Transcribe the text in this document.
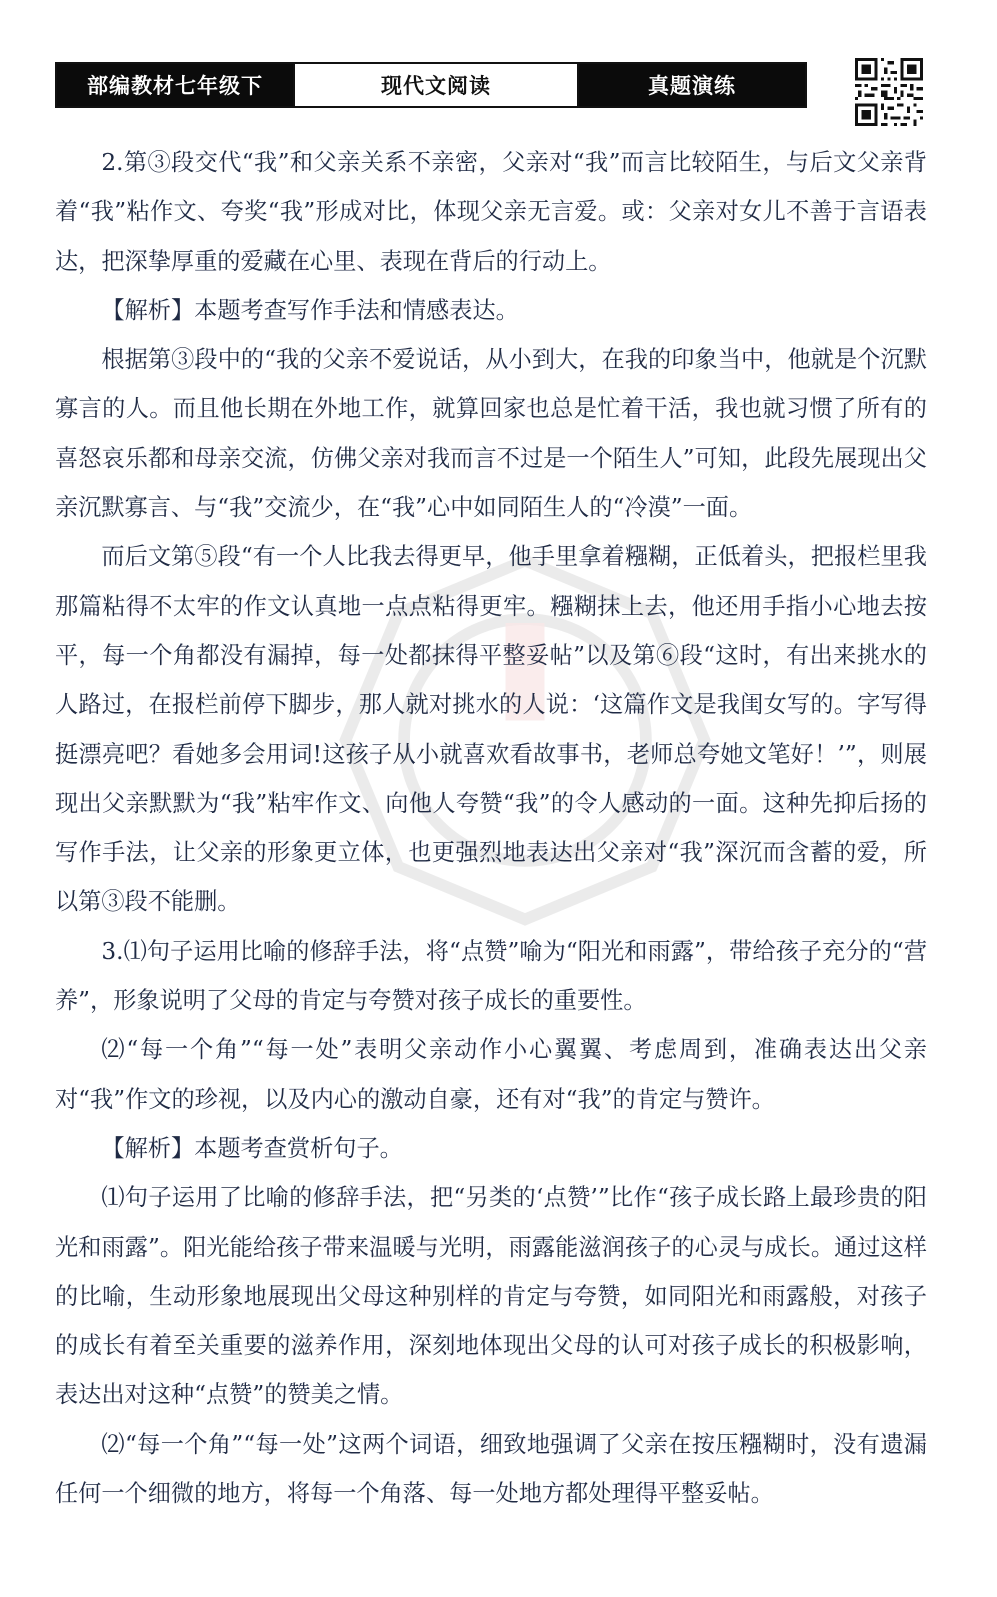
部编教材七年级下	现代文阅读	真题演练

2.第③段交代“我”和父亲关系不亲密，父亲对“我”而言比较陌生，与后文父亲背着“我”粘作文、夸奖“我”形成对比，体现父亲无言爱。或：父亲对女儿不善于言语表达，把深挚厚重的爱藏在心里、表现在背后的行动上。

【解析】本题考查写作手法和情感表达。

根据第③段中的“我的父亲不爱说话，从小到大，在我的印象当中，他就是个沉默寡言的人。而且他长期在外地工作，就算回家也总是忙着干活，我也就习惯了所有的喜怒哀乐都和母亲交流，仿佛父亲对我而言不过是一个陌生人”可知，此段先展现出父亲沉默寡言、与“我”交流少，在“我”心中如同陌生人的“冷漠”一面。

而后文第⑤段“有一个人比我去得更早，他手里拿着糨糊，正低着头，把报栏里我那篇粘得不太牢的作文认真地一点点粘得更牢。糨糊抹上去，他还用手指小心地去按平，每一个角都没有漏掉，每一处都抹得平整妥帖”以及第⑥段“这时，有出来挑水的人路过，在报栏前停下脚步，那人就对挑水的人说：‘这篇作文是我闺女写的。字写得挺漂亮吧？看她多会用词!这孩子从小就喜欢看故事书，老师总夸她文笔好！’”，则展现出父亲默默为“我”粘牢作文、向他人夸赞“我”的令人感动的一面。这种先抑后扬的写作手法，让父亲的形象更立体，也更强烈地表达出父亲对“我”深沉而含蓄的爱，所以第③段不能删。

3.⑴句子运用比喻的修辞手法，将“点赞”喻为“阳光和雨露”，带给孩子充分的“营养”，形象说明了父母的肯定与夸赞对孩子成长的重要性。

⑵“每一个角”“每一处”表明父亲动作小心翼翼、考虑周到，准确表达出父亲对“我”作文的珍视，以及内心的激动自豪，还有对“我”的肯定与赞许。

【解析】本题考查赏析句子。

⑴句子运用了比喻的修辞手法，把“另类的‘点赞’”比作“孩子成长路上最珍贵的阳光和雨露”。阳光能给孩子带来温暖与光明，雨露能滋润孩子的心灵与成长。通过这样的比喻，生动形象地展现出父母这种别样的肯定与夸赞，如同阳光和雨露般，对孩子的成长有着至关重要的滋养作用，深刻地体现出父母的认可对孩子成长的积极影响，表达出对这种“点赞”的赞美之情。

⑵“每一个角”“每一处”这两个词语，细致地强调了父亲在按压糨糊时，没有遗漏任何一个细微的地方，将每一个角落、每一处地方都处理得平整妥帖。
